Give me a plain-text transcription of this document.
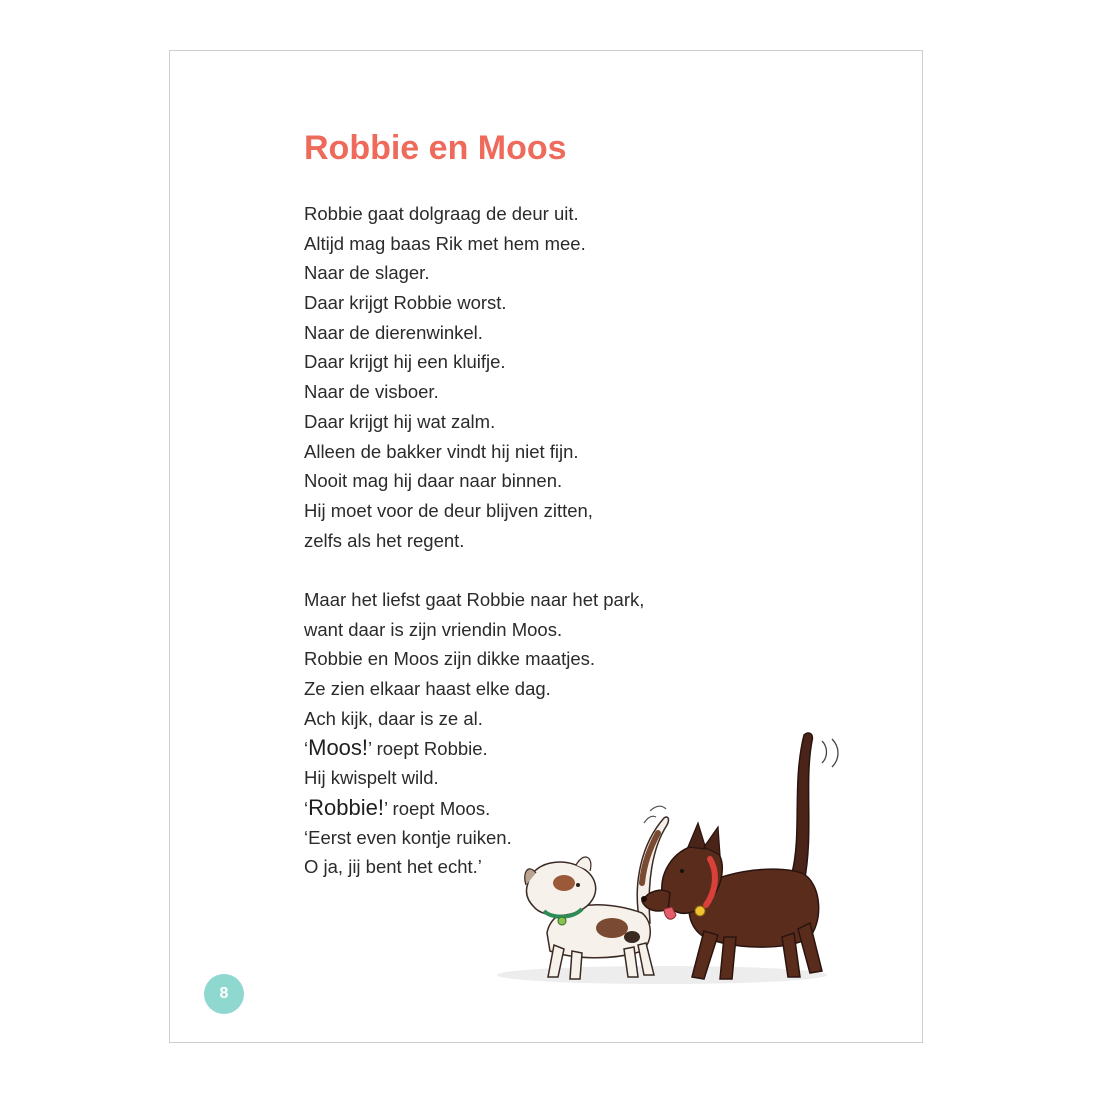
Robbie en Moos
Robbie gaat dolgraag de deur uit.
Altijd mag baas Rik met hem mee.
Naar de slager.
Daar krijgt Robbie worst.
Naar de dierenwinkel.
Daar krijgt hij een kluifje.
Naar de visboer.
Daar krijgt hij wat zalm.
Alleen de bakker vindt hij niet fijn.
Nooit mag hij daar naar binnen.
Hij moet voor de deur blijven zitten,
zelfs als het regent.
Maar het liefst gaat Robbie naar het park,
want daar is zijn vriendin Moos.
Robbie en Moos zijn dikke maatjes.
Ze zien elkaar haast elke dag.
Ach kijk, daar is ze al.
‘Moos!’ roept Robbie.
Hij kwispelt wild.
‘Robbie!’ roept Moos.
‘Eerst even kontje ruiken.
O ja, jij bent het echt.’
8
